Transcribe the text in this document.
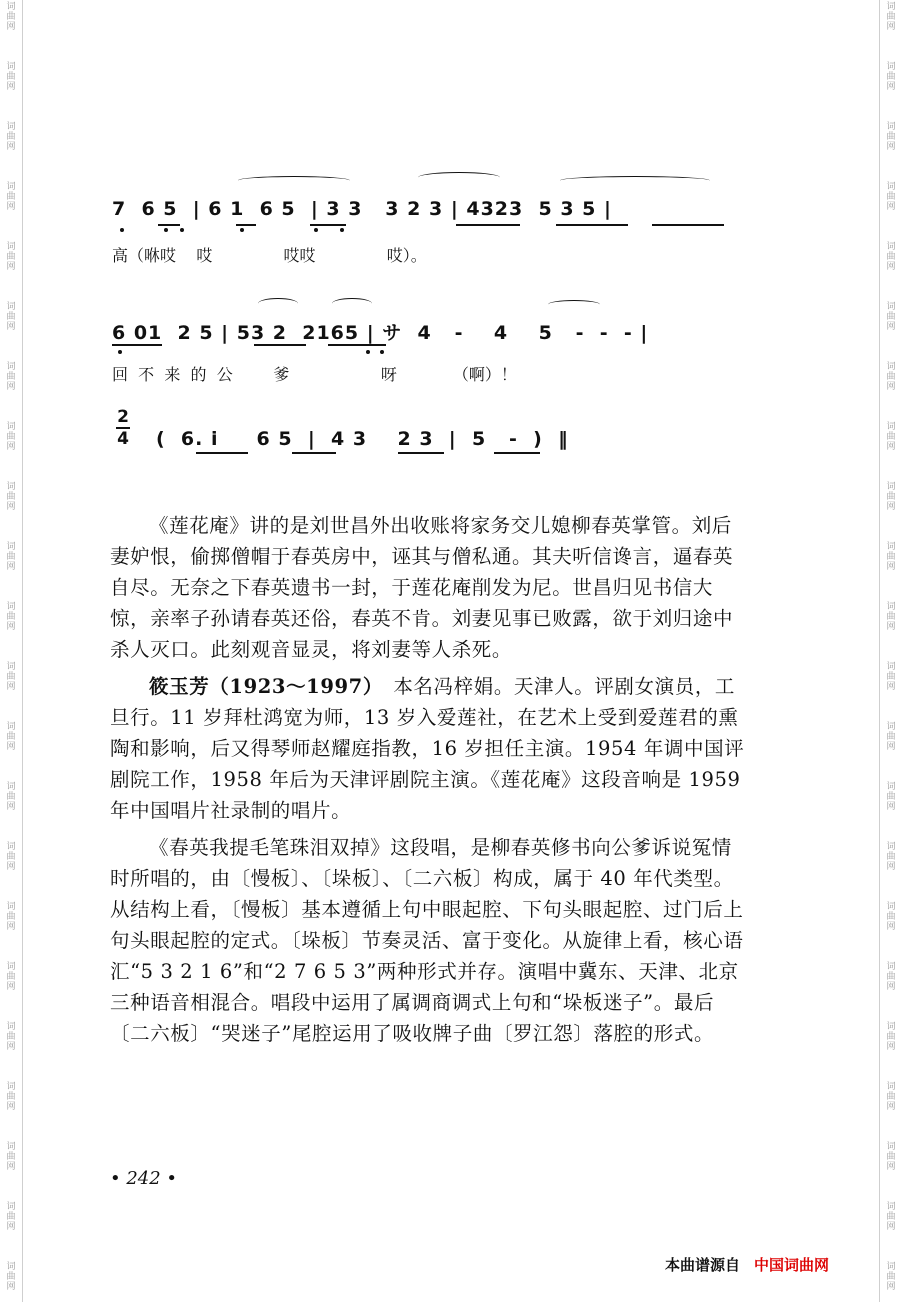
词曲网
词曲网
词曲网
词曲网
词曲网
词曲网
词曲网
词曲网
词曲网
词曲网
词曲网
词曲网
词曲网
词曲网
词曲网
词曲网
词曲网
词曲网
词曲网
词曲网
词曲网
词曲网
词曲网
词曲网
词曲网
词曲网
词曲网
词曲网
词曲网
词曲网
词曲网
词曲网
词曲网
词曲网
词曲网
词曲网
词曲网
词曲网
词曲网
词曲网
词曲网
词曲网
词曲网
词曲网
7  6 5  | 6 1  6 5  | 3 3   3 2 3 | 4323  5 3 5 |
高（咻哎    哎              哎哎              哎）。
6 01  2 5 | 53 2  2165 | サ  4   -    4    5   -  -  - |
回  不  来  的  公        爹                  呀           （啊）！
2
4 (  6. i     6 5  |  4 3    2 3  |  5   -  )  ‖

《莲花庵》讲的是刘世昌外出收账将家务交儿媳柳春英掌管。刘后妻妒恨，偷掷僧帽于春英房中，诬其与僧私通。其夫听信谗言，逼春英自尽。无奈之下春英遗书一封，于莲花庵削发为尼。世昌归见书信大惊，亲率子孙请春英还俗，春英不肯。刘妻见事已败露，欲于刘归途中杀人灭口。此刻观音显灵，将刘妻等人杀死。

筱玉芳（1923～1997）　 本名冯梓娟。天津人。评剧女演员，工旦行。11 岁拜杜鸿宽为师，13 岁入爱莲社，在艺术上受到爱莲君的熏陶和影响，后又得琴师赵耀庭指教，16 岁担任主演。1954 年调中国评剧院工作，1958 年后为天津评剧院主演。《莲花庵》这段音响是 1959 年中国唱片社录制的唱片。

《春英我提毛笔珠泪双掉》这段唱，是柳春英修书向公爹诉说冤情时所唱的，由〔慢板〕、〔垛板〕、〔二六板〕构成，属于 40 年代类型。从结构上看，〔慢板〕基本遵循上句中眼起腔、下句头眼起腔、过门后上句头眼起腔的定式。〔垛板〕节奏灵活、富于变化。从旋律上看，核心语汇“5 3 2 1 6”和“2 7 6 5 3”两种形式并存。演唱中冀东、天津、北京三种语音相混合。唱段中运用了属调商调式上句和“垛板迷子”。最后〔二六板〕“哭迷子”尾腔运用了吸收牌子曲〔罗江怨〕落腔的形式。

• 242 •
本曲谱源自 中国词曲网
